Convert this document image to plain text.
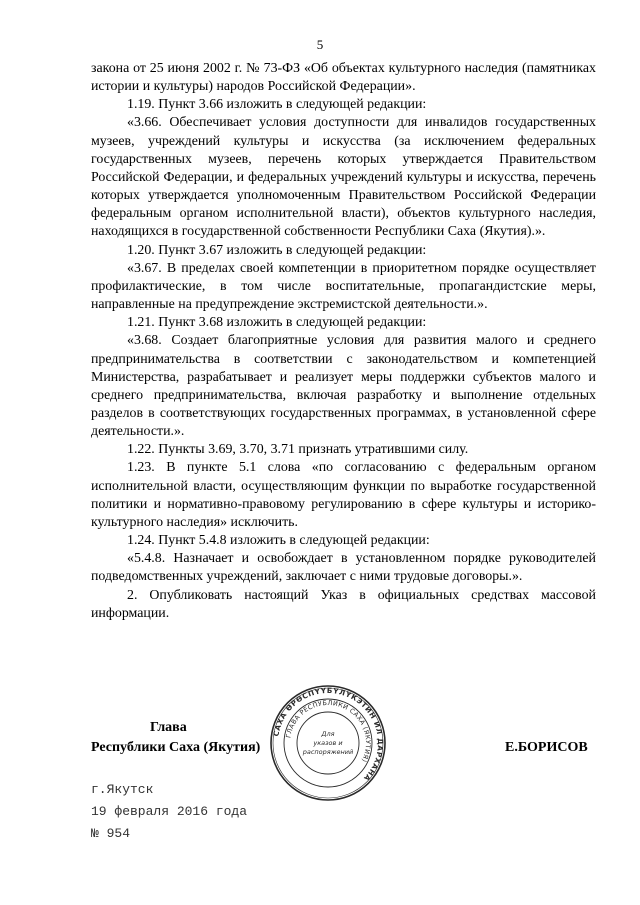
5

закона от 25 июня 2002 г. № 73-ФЗ «Об объектах культурного наследия (памятниках истории и культуры) народов Российской Федерации».

1.19. Пункт 3.66 изложить в следующей редакции:

«3.66. Обеспечивает условия доступности для инвалидов государственных музеев, учреждений культуры и искусства (за исключением федеральных государственных музеев, перечень которых утверждается Правительством Российской Федерации, и федеральных учреждений культуры и искусства, перечень которых утверждается уполномоченным Правительством Российской Федерации федеральным органом исполнительной власти), объектов культурного наследия, находящихся в государственной собственности Республики Саха (Якутия).».

1.20. Пункт 3.67 изложить в следующей редакции:

«3.67. В пределах своей компетенции в приоритетном порядке осуществляет профилактические, в том числе воспитательные, пропагандистские меры, направленные на предупреждение экстремистской деятельности.».

1.21. Пункт 3.68 изложить в следующей редакции:

«3.68. Создает благоприятные условия для развития малого и среднего предпринимательства в соответствии с законодательством и компетенцией Министерства, разрабатывает и реализует меры поддержки субъектов малого и среднего предпринимательства, включая разработку и выполнение отдельных разделов в соответствующих государственных программах, в установленной сфере деятельности.».

1.22. Пункты 3.69, 3.70, 3.71 признать утратившими силу.

1.23. В пункте 5.1 слова «по согласованию с федеральным органом исполнительной власти, осуществляющим функции по выработке государственной политики и нормативно-правовому регулированию в сфере культуры и историко-культурного наследия» исключить.

1.24. Пункт 5.4.8 изложить в следующей редакции:

«5.4.8. Назначает и освобождает в установленном порядке руководителей подведомственных учреждений, заключает с ними трудовые договоры.».

2. Опубликовать настоящий Указ в официальных средствах массовой информации.

Глава
Республики Саха (Якутия)	Е.БОРИСОВ
САХА ӨРӨСПҮҮБҮЛҮКЭТИН ИЛ ДАРХАНА
ГЛАВА РЕСПУБЛИКИ САХА (ЯКУТИЯ)
Для
указов и
распоряжений
г.Якутск
19 февраля 2016 года
№ 954
